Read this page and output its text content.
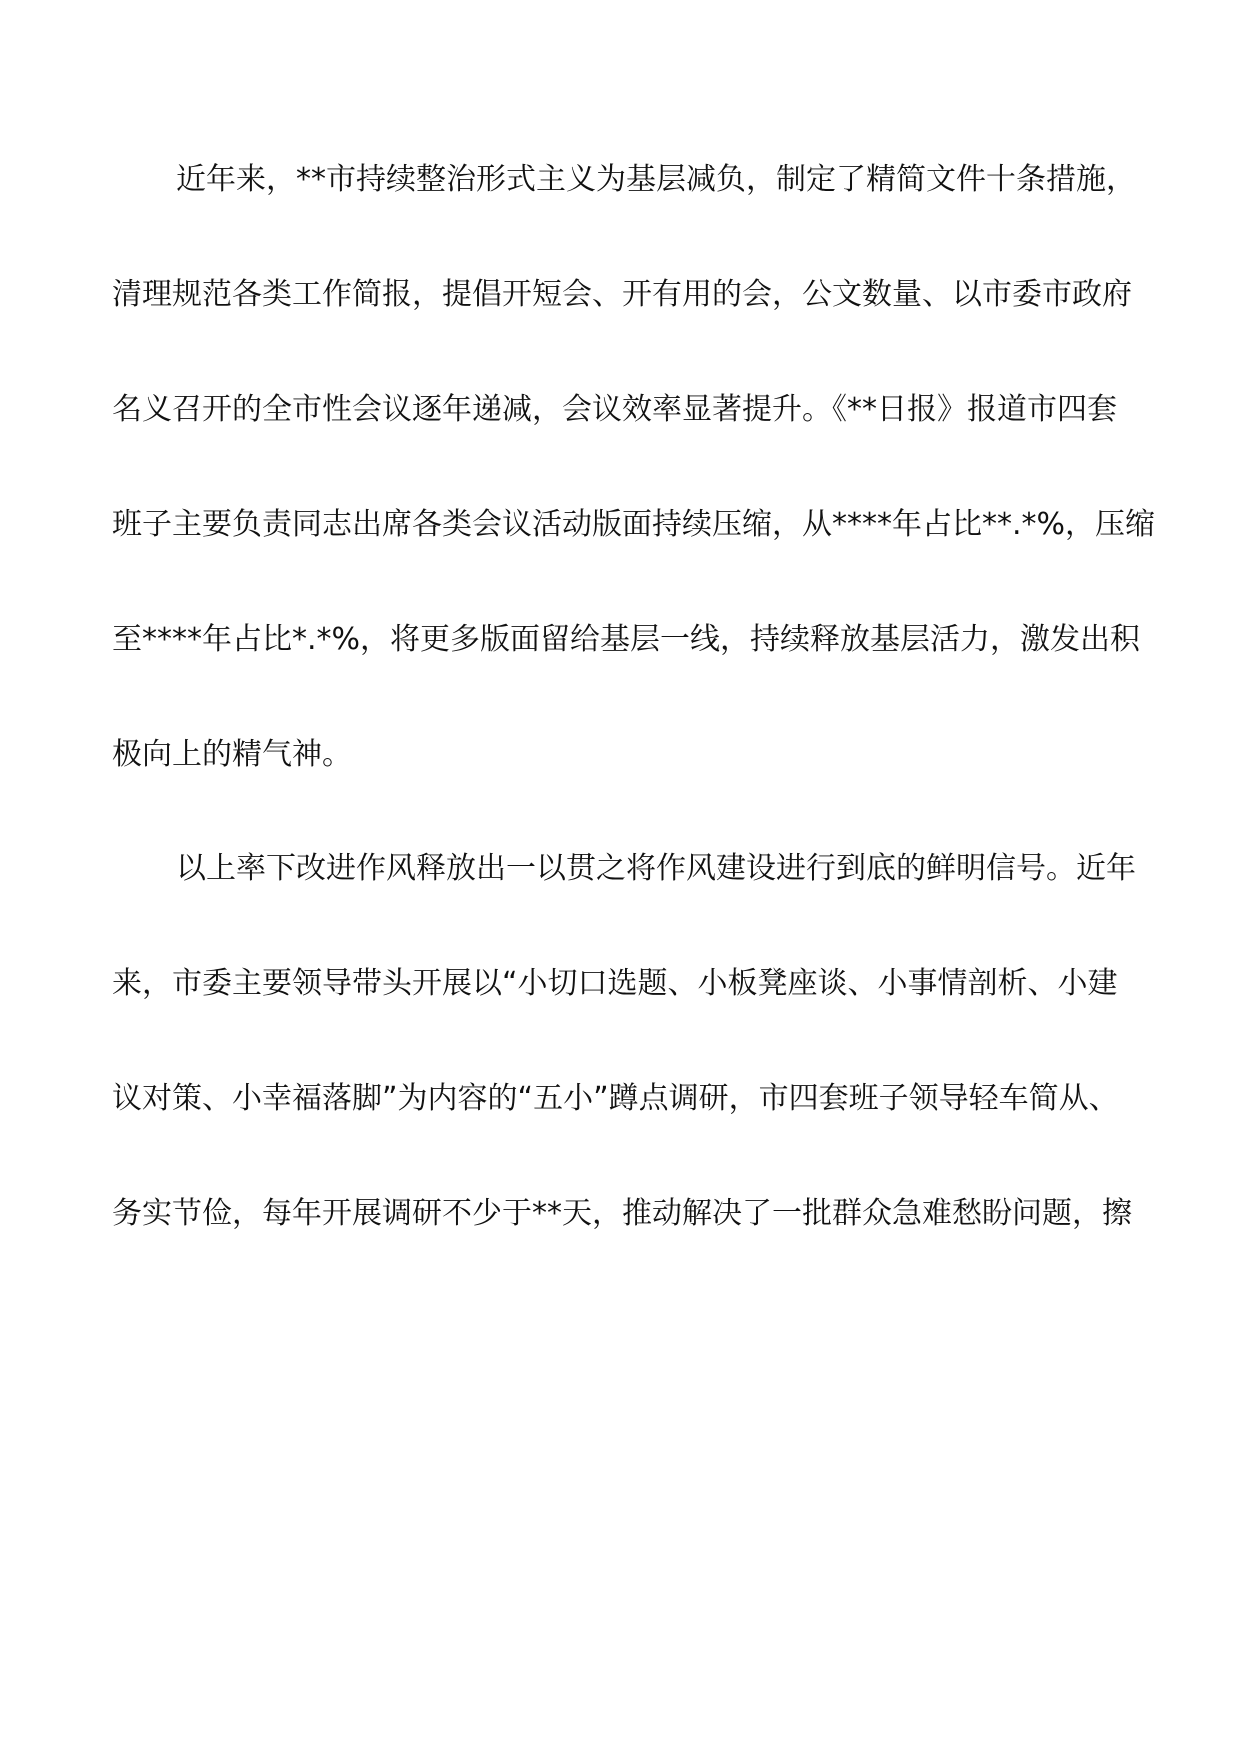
近年来，**市持续整治形式主义为基层减负，制定了精简文件十条措施，
清理规范各类工作简报，提倡开短会、开有用的会，公文数量、以市委市政府
名义召开的全市性会议逐年递减，会议效率显著提升。《**日报》报道市四套
班子主要负责同志出席各类会议活动版面持续压缩，从****年占比**.*%，压缩
至****年占比*.*%，将更多版面留给基层一线，持续释放基层活力，激发出积
极向上的精气神。
以上率下改进作风释放出一以贯之将作风建设进行到底的鲜明信号。近年
来，市委主要领导带头开展以“小切口选题、小板凳座谈、小事情剖析、小建
议对策、小幸福落脚”为内容的“五小”蹲点调研，市四套班子领导轻车简从、
务实节俭，每年开展调研不少于**天，推动解决了一批群众急难愁盼问题，擦
